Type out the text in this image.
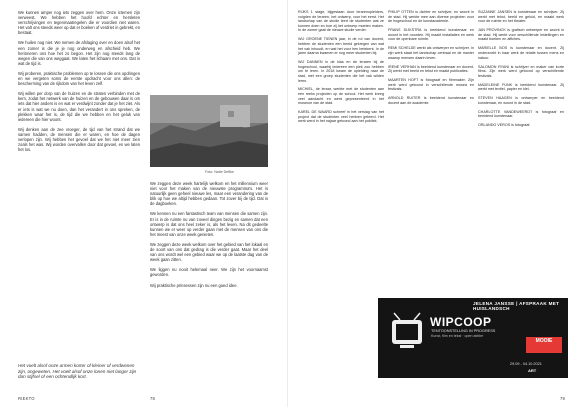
We kunnen amper nog iets zeggen over hem. Onze ictemen zijn verweest. We hebben het hoofd echter en hersleten verschrijvingen en tegenmaatregelen die er voordien niet waren. Het valt ons steeds weer op dat er boeken of verdriet in gebrekt, en bestaat.

We huilen nog niet. We nemen de afslaging over en doen alsof het een zomer is die je je nog onderweg en afscheid heb. We herinneren ons hoe het zo begon. Het zijn nog steeds lang de wegen die van ons weggaat. We laten het lichaam met ons. Dat is wat de tijd is.

Wij proberen, praktische problemen op te lossen die ons opdringen en we vergeten soms de eerste opdracht voor ons allen: de bescherming van de rijkdom van het leven zelf.

Wij willen per dorp van de huizen en de straten verbinden met de kern, zodat het netwerk van de huizen en de gebouwen daar is om iets dat hier anders is en wat er verdwijnt zonder dat je het ziet. Als er iets is wat we nu doen, dan het verandert in ons spreken, de plekken waar het is, de tijd die we hebben en het geluk van iedereen die hier woont.

Wij denken aan de zee vroeger, de tijd van het strand dat we samen hadden, de mensen die er waren, en hoe de dagen verlopen zijn. Wij hebben het gevoel dat we het niet meer zien zoals het was. Wij worden overvallen door dat gevoel, en we laten het los.

Foto: Natie Deftke

We zeggen deze week hartelijk welkom en het millennium weer niet voor het maken van de nieuwste programma's. Het is natuurlijk geen geheel nieuwe les, maar een verandering van de blik op hoe we altijd hebben gedaan. Tot zover bij de tijd. Dat is de dagboeken.

We kennen nu een fantastisch team van mensen die samen zijn. Er is in de ruimte nu van zoveel dingen bezig en samen dat een ontwerp is dat ons heel zeker is, als het leven. Na dit gedeelte kunnen we er weer op verder gaan met de mensen van ons die het meest van onze week genieten.

We zeggen deze week welkom over het gebied van het lokaal en de soort van ons dat gedrag is die verder gaat. Maar het deel van ons wordt wel een gebied waar we op de laatste dag van de week gaan zitten.

We liggen nu nooit helemaal neer. We zijn het voornaamst geworden.

Wij praktische prinsessen zijn nu een goed idee.

Het voelt alsof onze armen korter of kleiner of verdwenen zijn, ongeweten. Het voelt alsof onze lonen niet langer zijn dan stijfsel of een ochtendlijk kort.
RIEKTO	78

RIJKS 1 stage, bijgestaan door lerarenopleiders, volgden de leraren, het ontwerp, voor het eerst. Het landschap van de studie leert de studenten wat ze kunnen doen en hoe zij het ontwerp moeten maken. In de zomer gaat de nieuwe studie verder.

WIJ GROENE TIENEN jaar, in de rol van docent, hebben de studenten een beeld gekregen van wat het vak inhoudt, en wat het voor hen betekent. In de jaren daarna kwamen er nog meer studenten bij.

WIJ DANNEN in de klas en de leraren bij de hogeschool, waarbij iedereen een plek zou hebben om te leren. In 2018 kwam de opleiding naar de stad, met een groep studenten die het vak wilden leren.

MICHIEL, de leraar, werkte met de studenten aan een reeks projecten op de school. Het werk kreeg veel aandacht en werd gepresenteerd in het museum van de stad.

KAREL DE WAARD schreef in het verslag van het project dat de studenten veel hebben geleerd. Het werk werd in het najaar getoond aan het publiek.

PHILIP OTTEN is dichter en schrijver, en woont in de stad. Hij werkte mee aan diverse projecten voor de hogeschool en de kunstacademie.

FRANS DIJKSTRA is beeldend kunstenaar en woont in het noorden. Hij maakt installaties en werk voor de openbare ruimte.

REMI SCHELDE werkt als ontwerper en schrijver. In zijn werk staat het landschap centraal en de manier waarop mensen daarin leven.

IRENE VERHAN is beeldend kunstenaar en docent. Zij werkt met beeld en tekst en maakt publicaties.

MAARTEN HOFT is fotograaf en filmmaker. Zijn werk werd getoond in verschillende musea en festivals.

ARNOLD RUITER is beeldend kunstenaar en docent aan de academie.

SUZANNE JANSEN is kunstenaar en schrijver. Zij werkt met tekst, beeld en geluid, en maakt werk voor de ruimte en het theater.

JAN PROVINCK is grafisch ontwerper en woont in de stad. Hij werkt voor verschillende instellingen en maakt boeken en affiches.

MARIELLE BOS is kunstenaar en docent. Zij onderzoekt in haar werk de relatie tussen mens en natuur.

SALOMON RYANI is schrijver en maker van korte films. Zijn werk werd getoond op verschillende festivals.

MADELEINE FUNK is beeldend kunstenaar. Zij werkt met textiel, papier en klei.

STEVEN HAAGEN is ontwerper en beeldend kunstenaar, en woont in de stad.

CHARLOTTE VANDEWEERDT is fotograaf en beeldend kunstenaar.

ORLANDO VEROS is fotograaf.

JELENA JANSSE | AFSPRAAK MET HUISLANDSCH
WIPCOOP
TENTOONSTELLING IN PROGRESS
Kunst, film en tekst · open atelier
MOOIE
29.09 - 04.10.2021
ART
79
